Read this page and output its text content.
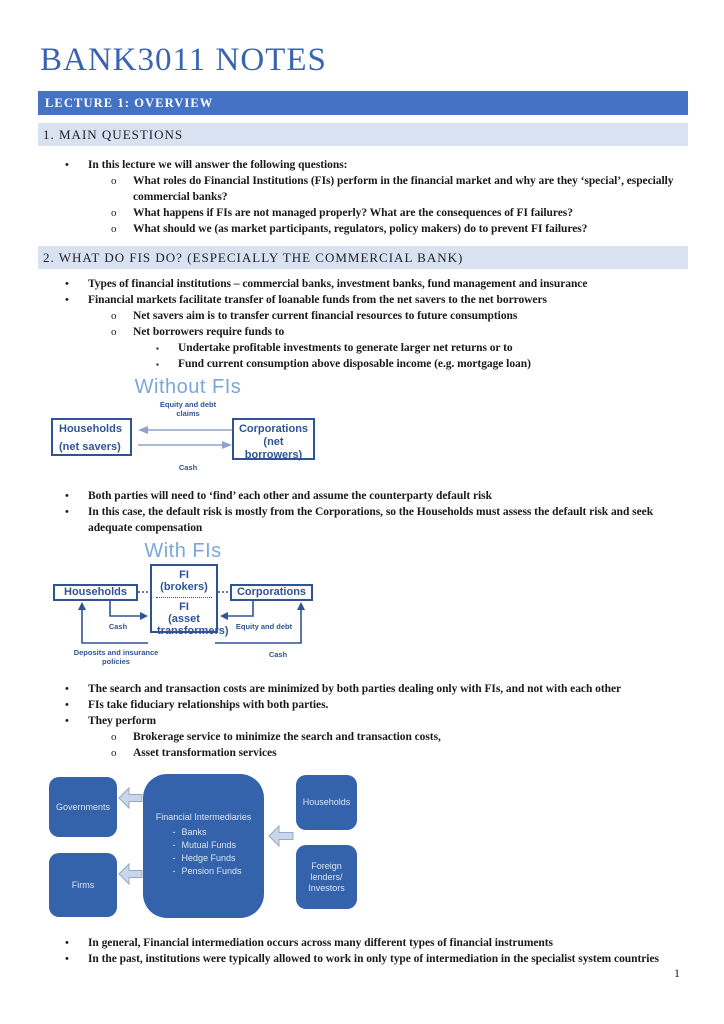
BANK3011 NOTES
LECTURE 1: OVERVIEW
1. MAIN QUESTIONS
• In this lecture we will answer the following questions:
o What roles do Financial Institutions (FIs) perform in the financial market and why are they ‘special’, especially commercial banks?
o What happens if FIs are not managed properly? What are the consequences of FI failures?
o What should we (as market participants, regulators, policy makers) do to prevent FI failures?
2. WHAT DO FIS DO? (ESPECIALLY THE COMMERCIAL BANK)
• Types of financial institutions – commercial banks, investment banks, fund management and insurance
• Financial markets facilitate transfer of loanable funds from the net savers to the net borrowers
o Net savers aim is to transfer current financial resources to future consumptions
o Net borrowers require funds to
▪ Undertake profitable investments to generate larger net returns or to
▪ Fund current consumption above disposable income (e.g. mortgage loan)
Without FIs
Equity and debt claims
Households
(net savers)
Corporations
(net borrowers)
Cash
• Both parties will need to ‘find’ each other and assume the counterparty default risk
• In this case, the default risk is mostly from the Corporations, so the Households must assess the default risk and seek adequate compensation
With FIs
FI
(brokers)
FI
(asset transformers)
Households	Corporations
Cash	Equity and debt
Deposits and insurance policies
Cash
• The search and transaction costs are minimized by both parties dealing only with FIs, and not with each other
• FIs take fiduciary relationships with both parties.
• They perform
o Brokerage service to minimize the search and transaction costs,
o Asset transformation services
Governments
Firms
Financial Intermediaries
- Banks
- Mutual Funds
- Hedge Funds
- Pension Funds
Households
Foreign lenders/ Investors
• In general, Financial intermediation occurs across many different types of financial instruments
• In the past, institutions were typically allowed to work in only type of intermediation in the specialist system countries
1
